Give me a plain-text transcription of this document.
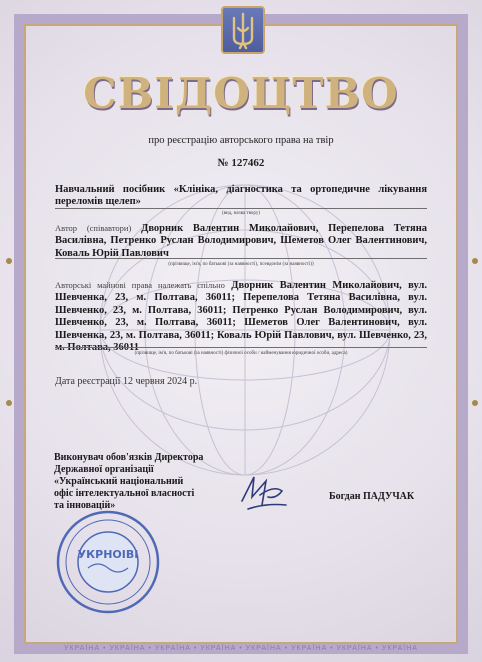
СВІДОЦТВО
про реєстрацію авторського права на твір
№ 127462
Навчальний посібник «Клініка, діагностика та ортопедичне лікування переломів щелеп»
(вид, назва твору)
Автор (співавтори) Дворник Валентин Миколайович, Перепелова Тетяна Василівна, Петренко Руслан Володимирович, Шеметов Олег Валентинович, Коваль Юрій Павлович
(прізвище, ім'я, по батькові (за наявності), псевдонім (за наявності))
Авторські майнові права належать спільно Дворник Валентин Миколайович, вул. Шевченка, 23, м. Полтава, 36011; Перепелова Тетяна Василівна, вул. Шевченко, 23, м. Полтава, 36011; Петренко Руслан Володимирович, вул. Шевченко, 23, м. Полтава, 36011; Шеметов Олег Валентинович, вул. Шевченка, 23, м. Полтава, 36011; Коваль Юрій Павлович, вул. Шевченко, 23, м. Полтава, 36011
(прізвище, ім'я, по батькові (за наявності) фізичної особи / найменування юридичної особи, адреса)
Дата реєстрації 12 червня 2024 р.
Виконувач обов'язків Директора Державної організації «Український національний офіс інтелектуальної власності та інновацій»
Богдан ПАДУЧАК
УКРНОІВІ
УКРАЇНА • УКРАЇНА • УКРАЇНА • УКРАЇНА • УКРАЇНА • УКРАЇНА • УКРАЇНА • УКРАЇНА
